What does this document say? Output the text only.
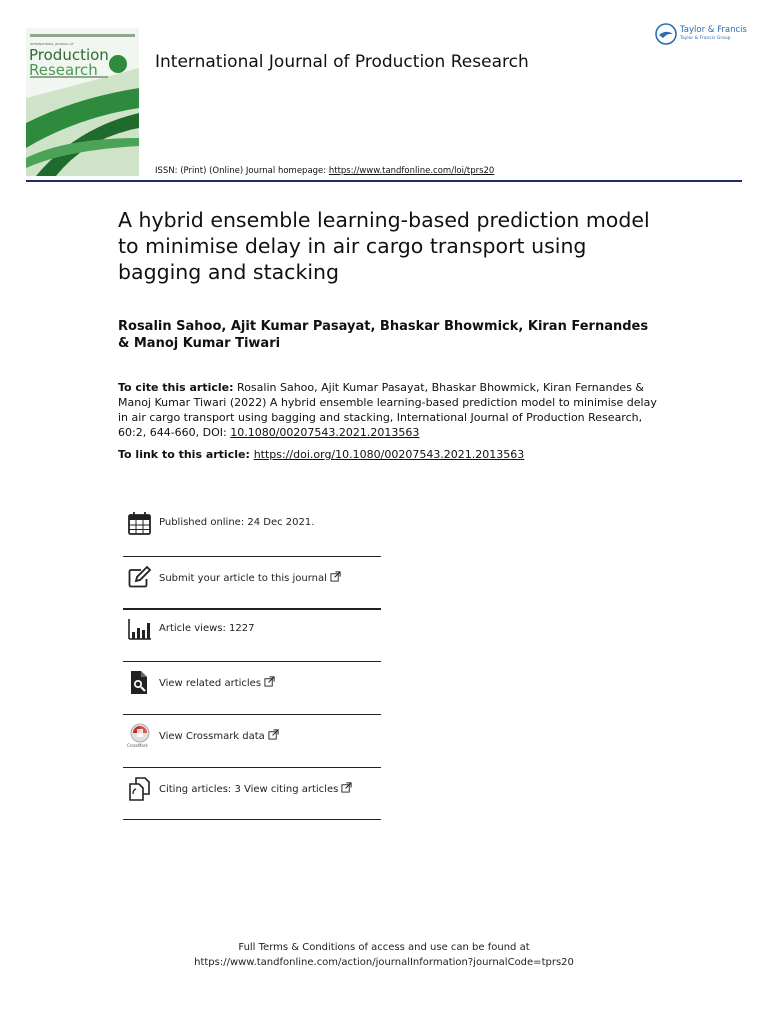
INTERNATIONAL JOURNAL OF
Production
Research	International Journal of Production Research
ISSN: (Print) (Online) Journal homepage: https://www.tandfonline.com/loi/tprs20
Taylor & Francis
Taylor & Francis Group
A hybrid ensemble learning-based prediction model to minimise delay in air cargo transport using bagging and stacking
Rosalin Sahoo, Ajit Kumar Pasayat, Bhaskar Bhowmick, Kiran Fernandes & Manoj Kumar Tiwari
To cite this article: Rosalin Sahoo, Ajit Kumar Pasayat, Bhaskar Bhowmick, Kiran Fernandes & Manoj Kumar Tiwari (2022) A hybrid ensemble learning-based prediction model to minimise delay in air cargo transport using bagging and stacking, International Journal of Production Research, 60:2, 644-660, DOI: 10.1080/00207543.2021.2013563
To link to this article: https://doi.org/10.1080/00207543.2021.2013563
Published online: 24 Dec 2021.
Submit your article to this journal
Article views: 1227
View related articles
CrossMark
View Crossmark data
Citing articles: 3 View citing articles
Full Terms & Conditions of access and use can be found at
https://www.tandfonline.com/action/journalInformation?journalCode=tprs20
